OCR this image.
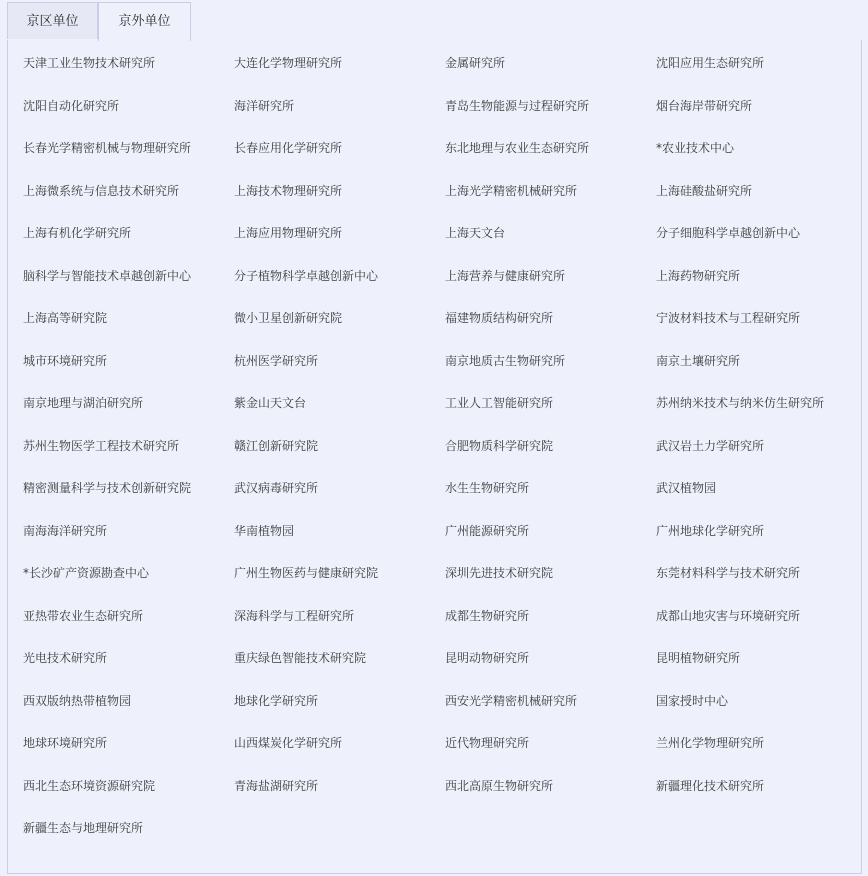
京区单位	京外单位
天津工业生物技术研究所	大连化学物理研究所	金属研究所	沈阳应用生态研究所
沈阳自动化研究所	海洋研究所	青岛生物能源与过程研究所	烟台海岸带研究所
长春光学精密机械与物理研究所	长春应用化学研究所	东北地理与农业生态研究所	*农业技术中心
上海微系统与信息技术研究所	上海技术物理研究所	上海光学精密机械研究所	上海硅酸盐研究所
上海有机化学研究所	上海应用物理研究所	上海天文台	分子细胞科学卓越创新中心
脑科学与智能技术卓越创新中心	分子植物科学卓越创新中心	上海营养与健康研究所	上海药物研究所
上海高等研究院	微小卫星创新研究院	福建物质结构研究所	宁波材料技术与工程研究所
城市环境研究所	杭州医学研究所	南京地质古生物研究所	南京土壤研究所
南京地理与湖泊研究所	紫金山天文台	工业人工智能研究所	苏州纳米技术与纳米仿生研究所
苏州生物医学工程技术研究所	赣江创新研究院	合肥物质科学研究院	武汉岩土力学研究所
精密测量科学与技术创新研究院	武汉病毒研究所	水生生物研究所	武汉植物园
南海海洋研究所	华南植物园	广州能源研究所	广州地球化学研究所
*长沙矿产资源勘查中心	广州生物医药与健康研究院	深圳先进技术研究院	东莞材料科学与技术研究所
亚热带农业生态研究所	深海科学与工程研究所	成都生物研究所	成都山地灾害与环境研究所
光电技术研究所	重庆绿色智能技术研究院	昆明动物研究所	昆明植物研究所
西双版纳热带植物园	地球化学研究所	西安光学精密机械研究所	国家授时中心
地球环境研究所	山西煤炭化学研究所	近代物理研究所	兰州化学物理研究所
西北生态环境资源研究院	青海盐湖研究所	西北高原生物研究所	新疆理化技术研究所
新疆生态与地理研究所
